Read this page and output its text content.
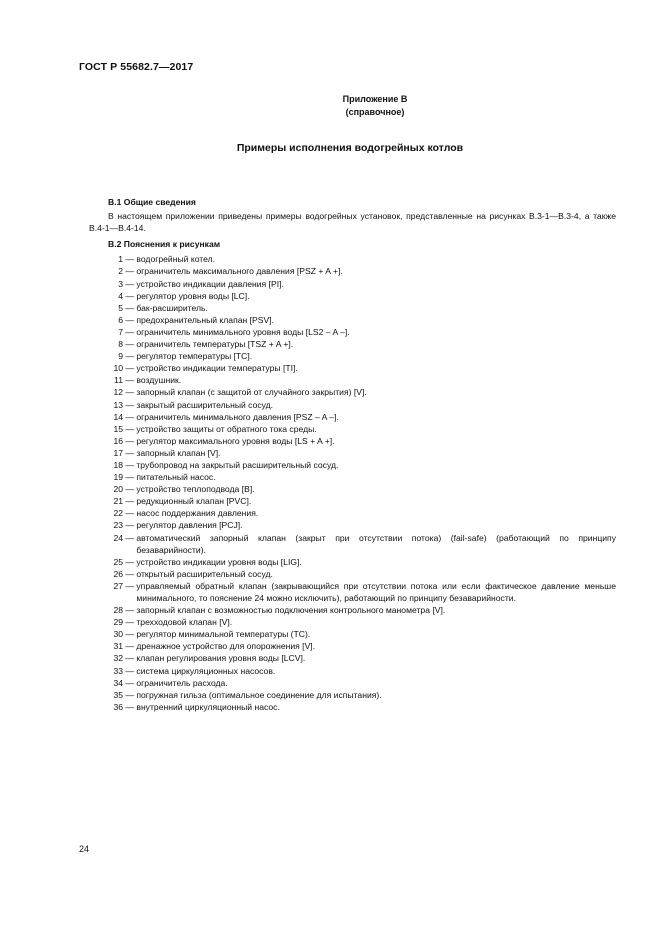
ГОСТ Р 55682.7—2017
Приложение В
(справочное)
Примеры исполнения водогрейных котлов
В.1 Общие сведения
В настоящем приложении приведены примеры водогрейных установок, представленные на рисунках В.3-1—В.3-4, а также В.4-1—В.4-14.
В.2 Пояснения к рисункам
1 — водогрейный котел.
2 — ограничитель максимального давления [PSZ + A +].
3 — устройство индикации давления [PI].
4 — регулятор уровня воды [LC].
5 — бак-расширитель.
6 — предохранительный клапан [PSV].
7 — ограничитель минимального уровня воды [LS2 – A –].
8 — ограничитель температуры [TSZ + A +].
9 — регулятор температуры [TC].
10 — устройство индикации температуры [TI].
11 — воздушник.
12 — запорный клапан (с защитой от случайного закрытия) [V].
13 — закрытый расширительный сосуд.
14 — ограничитель минимального давления [PSZ – A –].
15 — устройство защиты от обратного тока среды.
16 — регулятор максимального уровня воды [LS + A +].
17 — запорный клапан [V].
18 — трубопровод на закрытый расширительный сосуд.
19 — питательный насос.
20 — устройство теплоподвода [B].
21 — редукционный клапан [PVC].
22 — насос поддержания давления.
23 — регулятор давления [PCJ].
24 — автоматический запорный клапан (закрыт при отсутствии потока) (fail-safe) (работающий по принципу безаварийности).
25 — устройство индикации уровня воды [LIG].
26 — открытый расширительный сосуд.
27 — управляемый обратный клапан (закрывающийся при отсутствии потока или если фактическое давление меньше минимального, то пояснение 24 можно исключить), работающий по принципу безаварийности.
28 — запорный клапан с возможностью подключения контрольного манометра [V].
29 — трехходовой клапан [V].
30 — регулятор минимальной температуры (TC).
31 — дренажное устройство для опорожнения [V].
32 — клапан регулирования уровня воды [LCV].
33 — система циркуляционных насосов.
34 — ограничитель расхода.
35 — погружная гильза (оптимальное соединение для испытания).
36 — внутренний циркуляционный насос.
24
